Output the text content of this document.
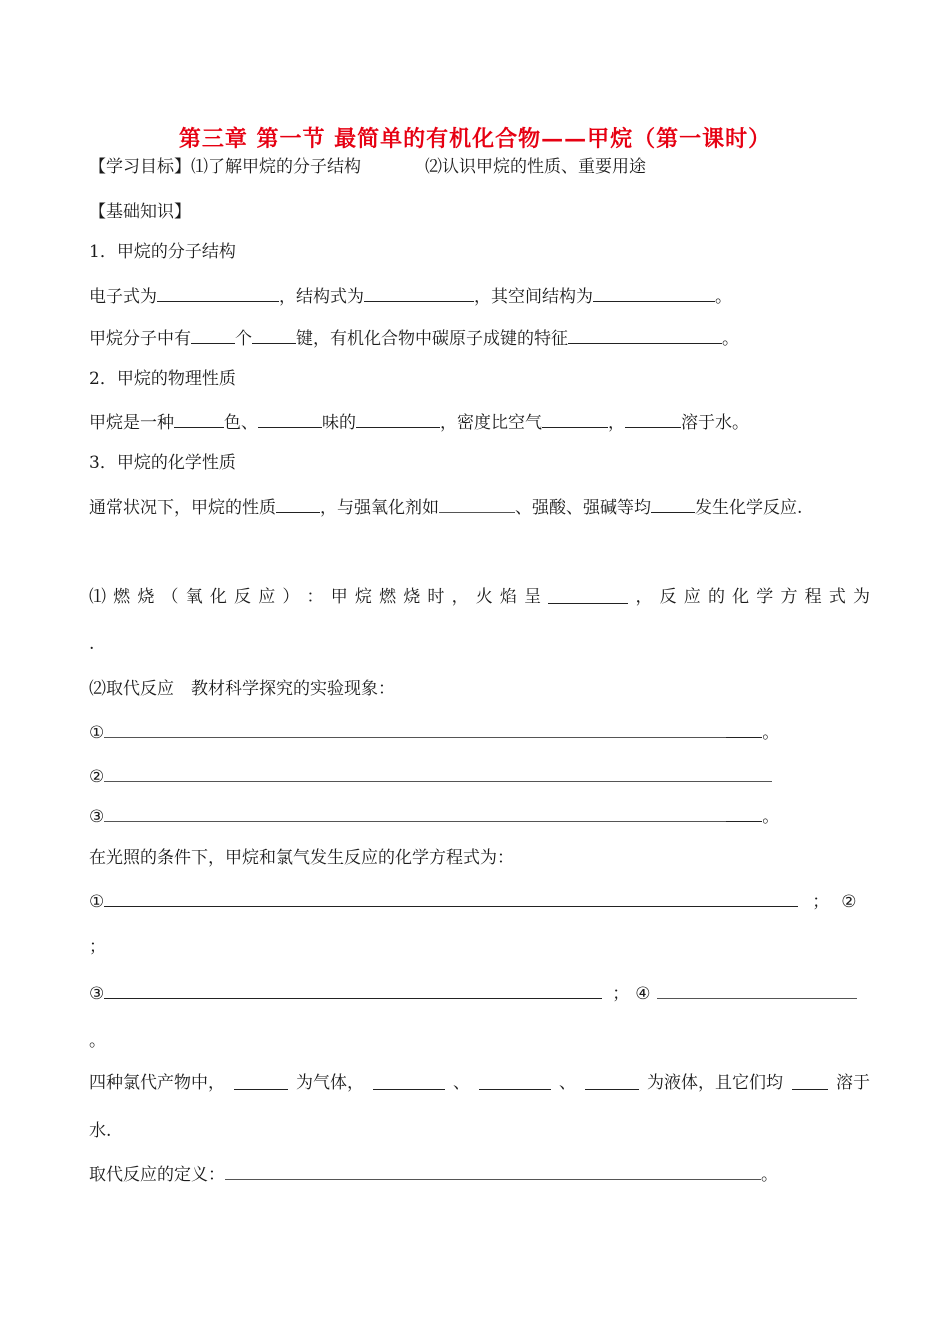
第三章 第一节 最简单的有机化合物——甲烷（第一课时）
【学习目标】⑴了解甲烷的分子结构	⑵认识甲烷的性质、重要用途
【基础知识】
1．甲烷的分子结构
电子式为	，结构式为	，其空间结构为	。
甲烷分子中有	个	键，有机化合物中碳原子成键的特征	。
2．甲烷的物理性质
甲烷是一种	色、	味的	，密度比空气	，	溶于水。
3．甲烷的化学性质
通常状况下，甲烷的性质	，与强氧化剂如	、强酸、强碱等均	发生化学反应.
⑴ 燃 烧 （ 氧 化 反 应 ） ： 甲 烷 燃 烧 时 ， 火 焰 呈	， 反 应 的 化 学 方 程 式 为
.
⑵取代反应　教材科学探究的实验现象：
①	。
②
③	。
在光照的条件下，甲烷和氯气发生反应的化学方程式为：
①	； ②
；
③	； ④
。
四种氯代产物中，	为气体，	、	、	为液体，且它们均	溶于
水.
取代反应的定义：	。
